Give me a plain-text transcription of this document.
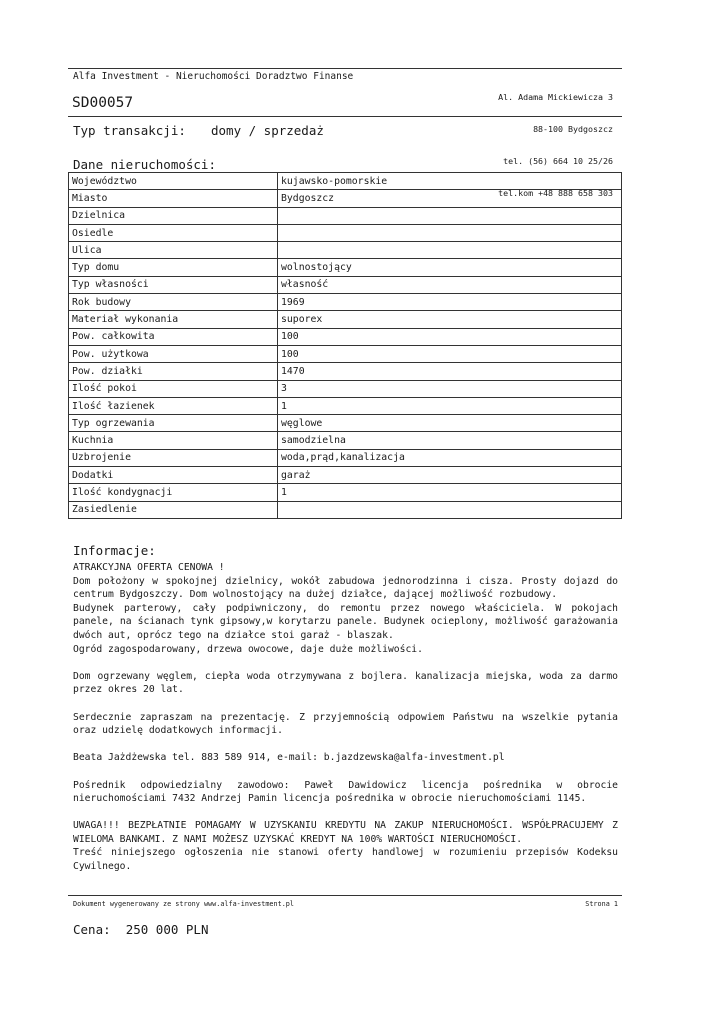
Alfa Investment - Nieruchomości Doradztwo Finanse

Al. Adama Mickiewicza 3

88-100 Bydgoszcz

tel. (56) 664 10 25/26

tel.kom +48 888 658 303

SD00057
Typ transakcji: domy / sprzedaż
Dane nieruchomości:
Województwo	kujawsko-pomorskie
Miasto	Bydgoszcz
Dzielnica	
Osiedle	
Ulica	
Typ domu	wolnostojący
Typ własności	własność
Rok budowy	1969
Materiał wykonania	suporex
Pow. całkowita	100
Pow. użytkowa	100
Pow. działki	1470
Ilość pokoi	3
Ilość łazienek	1
Typ ogrzewania	węglowe
Kuchnia	samodzielna
Uzbrojenie	woda,prąd,kanalizacja
Dodatki	garaż
Ilość kondygnacji	1
Zasiedlenie	
Informacje:

ATRAKCYJNA OFERTA CENOWA !

Dom położony w spokojnej dzielnicy, wokół zabudowa jednorodzinna i cisza. Prosty dojazd do centrum Bydgoszczy. Dom wolnostojący na dużej działce, dającej możliwość rozbudowy.

Budynek parterowy, cały podpiwniczony, do remontu przez nowego właściciela. W pokojach panele, na ścianach tynk gipsowy,w korytarzu panele. Budynek ocieplony, możliwość garażowania dwóch aut, oprócz tego na działce stoi garaż - blaszak.

Ogród zagospodarowany, drzewa owocowe, daje duże możliwości.

Dom ogrzewany węglem, ciepła woda otrzymywana z bojlera. kanalizacja miejska, woda za darmo przez okres 20 lat.

Serdecznie zapraszam na prezentację. Z przyjemnością odpowiem Państwu na wszelkie pytania oraz udzielę dodatkowych informacji.

Beata Jażdżewska tel. 883 589 914, e-mail: b.jazdzewska@alfa-investment.pl

Pośrednik odpowiedzialny zawodowo: Paweł Dawidowicz licencja pośrednika w obrocie nieruchomościami 7432 Andrzej Pamin licencja pośrednika w obrocie nieruchomościami 1145.

UWAGA!!! BEZPŁATNIE POMAGAMY W UZYSKANIU KREDYTU NA ZAKUP NIERUCHOMOŚCI. WSPÓŁPRACUJEMY Z WIELOMA BANKAMI. Z NAMI MOŻESZ UZYSKAĆ KREDYT NA 100% WARTOŚCI NIERUCHOMOŚCI.

Treść niniejszego ogłoszenia nie stanowi oferty handlowej w rozumieniu przepisów Kodeksu Cywilnego.

Dokument wygenerowany ze strony www.alfa-investment.pl	Strona 1
Cena: 250 000 PLN
